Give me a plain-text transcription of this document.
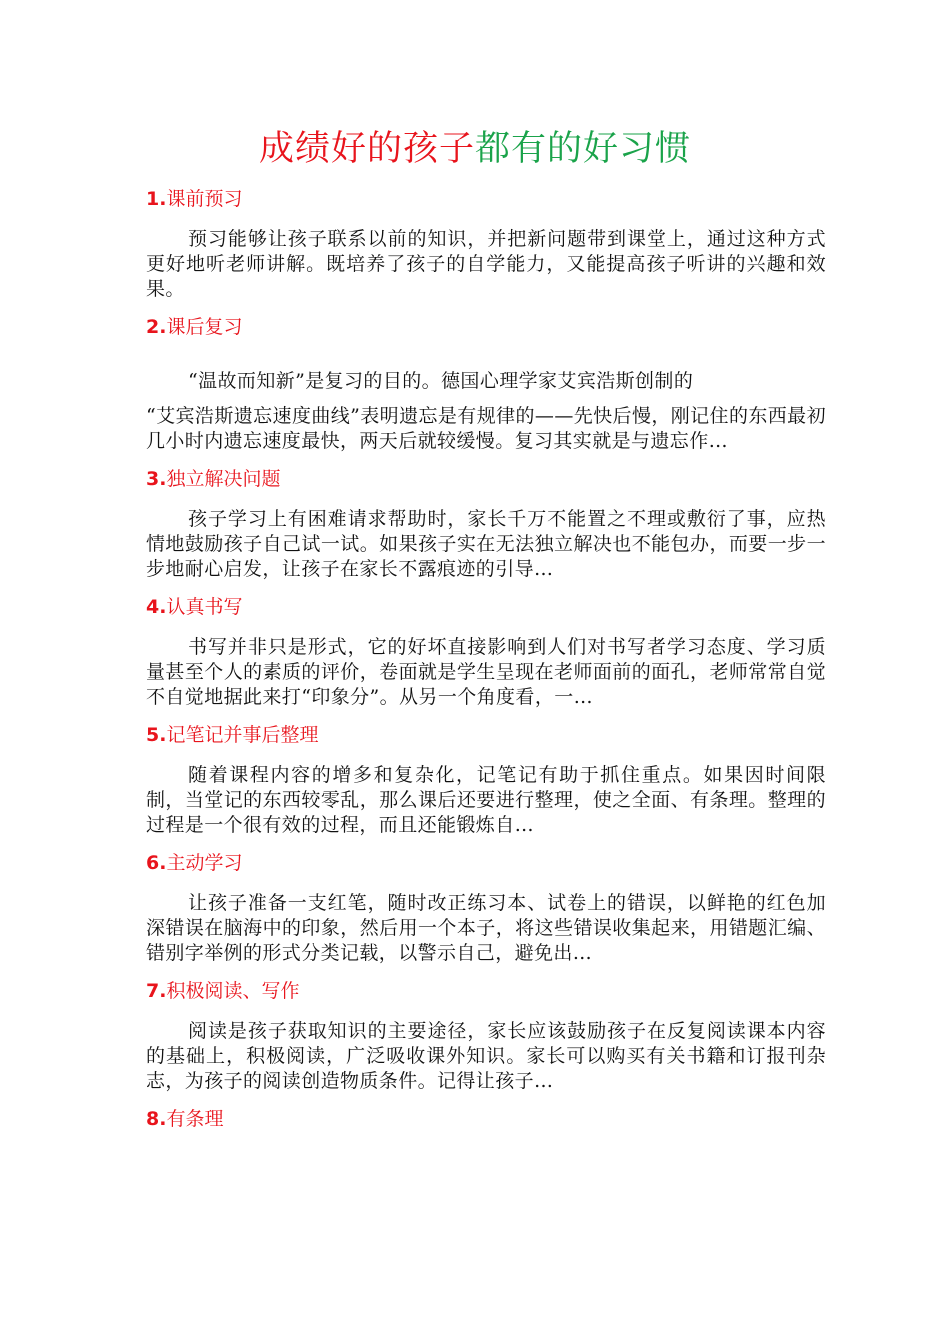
成绩好的孩子都有的好习惯
1.课前预习

预习能够让孩子联系以前的知识，并把新问题带到课堂上，通过这种方式更好地听老师讲解。既培养了孩子的自学能力，又能提高孩子听讲的兴趣和效果。

2.课后复习

“温故而知新”是复习的目的。德国心理学家艾宾浩斯创制的

“艾宾浩斯遗忘速度曲线”表明遗忘是有规律的——先快后慢，刚记住的东西最初几小时内遗忘速度最快，两天后就较缓慢。复习其实就是与遗忘作…

3.独立解决问题

孩子学习上有困难请求帮助时，家长千万不能置之不理或敷衍了事，应热情地鼓励孩子自己试一试。如果孩子实在无法独立解决也不能包办，而要一步一步地耐心启发，让孩子在家长不露痕迹的引导…

4.认真书写

书写并非只是形式，它的好坏直接影响到人们对书写者学习态度、学习质量甚至个人的素质的评价，卷面就是学生呈现在老师面前的面孔，老师常常自觉不自觉地据此来打“印象分”。从另一个角度看，一…

5.记笔记并事后整理

随着课程内容的增多和复杂化，记笔记有助于抓住重点。如果因时间限制，当堂记的东西较零乱，那么课后还要进行整理，使之全面、有条理。整理的过程是一个很有效的过程，而且还能锻炼自…

6.主动学习

让孩子准备一支红笔，随时改正练习本、试卷上的错误，以鲜艳的红色加深错误在脑海中的印象，然后用一个本子，将这些错误收集起来，用错题汇编、错别字举例的形式分类记载，以警示自己，避免出…

7.积极阅读、写作

阅读是孩子获取知识的主要途径，家长应该鼓励孩子在反复阅读课本内容的基础上，积极阅读，广泛吸收课外知识。家长可以购买有关书籍和订报刊杂志，为孩子的阅读创造物质条件。记得让孩子…

8.有条理
